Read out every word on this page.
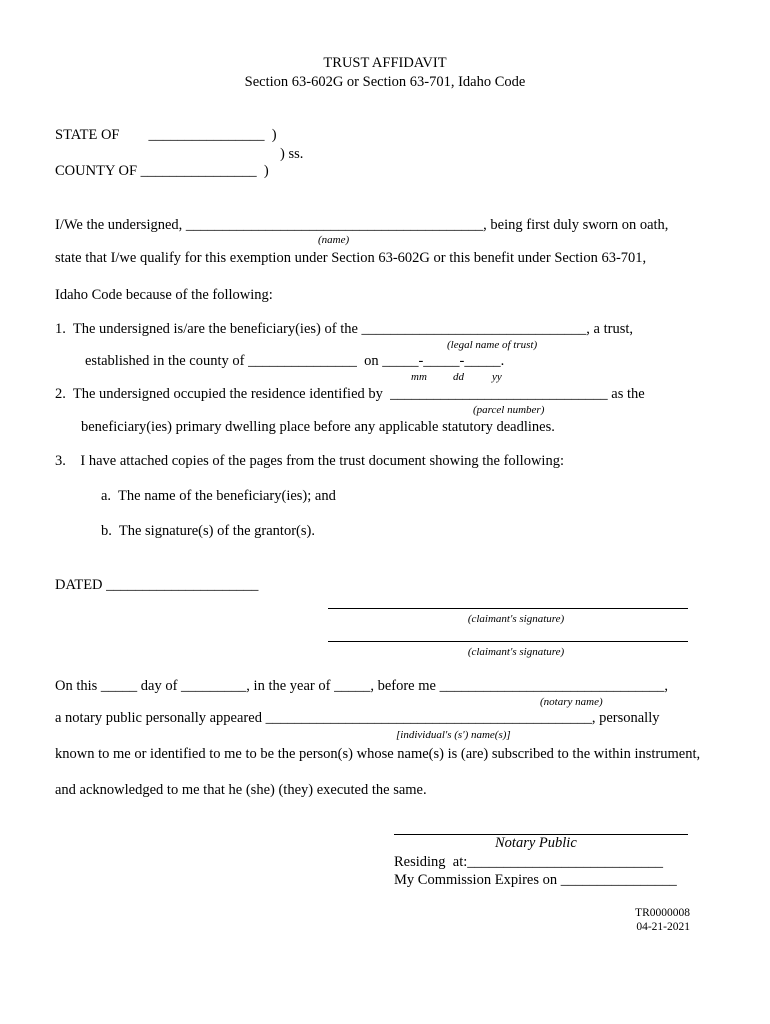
TRUST AFFIDAVIT
Section 63-602G or Section 63-701, Idaho Code
STATE OF        ________________  )
) ss.
COUNTY OF ________________  )
I/We the undersigned, _________________________________________, being first duly sworn on oath,
(name)
state that I/we qualify for this exemption under Section 63-602G or this benefit under Section 63-701,
Idaho Code because of the following:
1.  The undersigned is/are the beneficiary(ies) of the _______________________________, a trust,
(legal name of trust)
established in the county of _______________  on _____-_____-_____.
mm dd	yy
2.  The undersigned occupied the residence identified by  ______________________________ as the
(parcel number)
beneficiary(ies) primary dwelling place before any applicable statutory deadlines.
3.    I have attached copies of the pages from the trust document showing the following:
a.  The name of the beneficiary(ies); and
b.  The signature(s) of the grantor(s).
DATED _____________________
(claimant's signature)
(claimant's signature)
On this _____ day of _________, in the year of _____, before me _______________________________,
(notary name)
a notary public personally appeared _____________________________________________, personally
[individual's (s') name(s)]
known to me or identified to me to be the person(s) whose name(s) is (are) subscribed to the within instrument,
and acknowledged to me that he (she) (they) executed the same.
Notary Public
Residing  at:___________________________
My Commission Expires on ________________
TR0000008
04-21-2021
